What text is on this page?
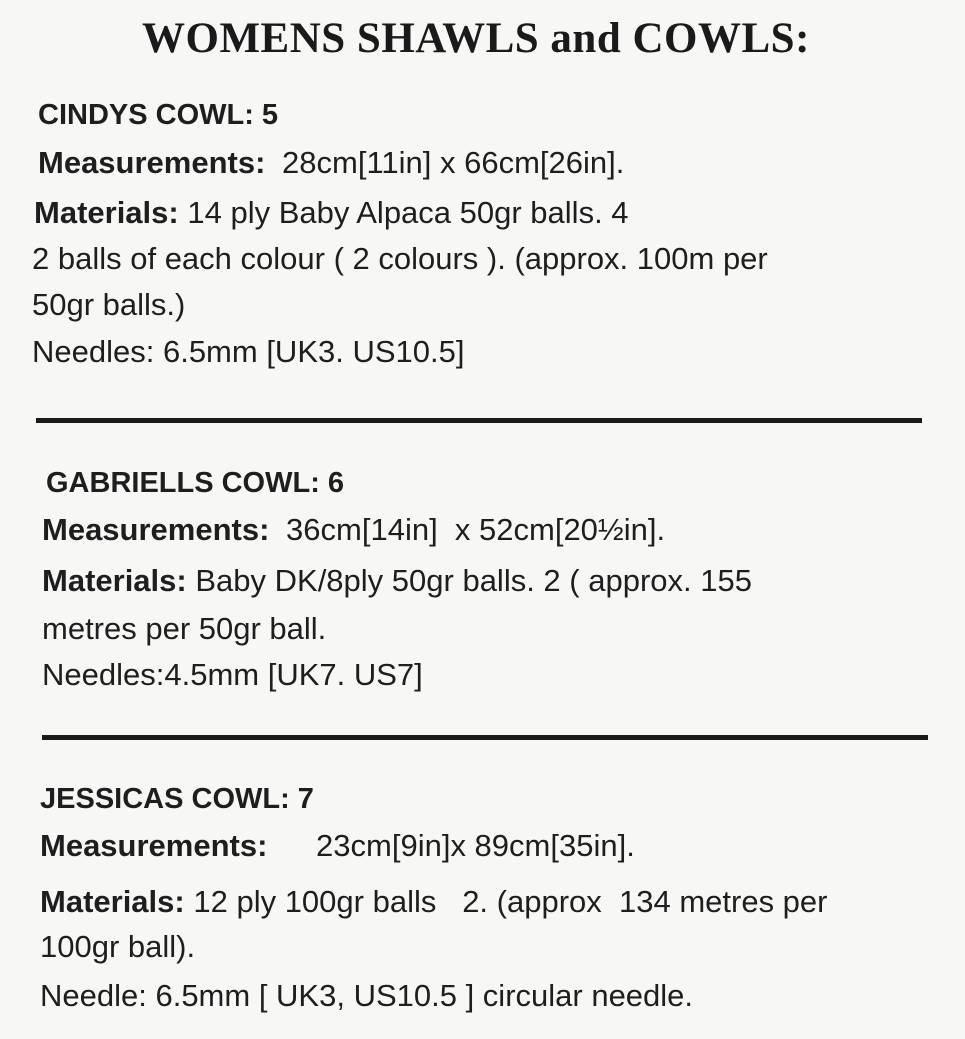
WOMENS SHAWLS and COWLS:
CINDYS COWL: 5
Measurements: 28cm[11in] x 66cm[26in].
Materials: 14 ply Baby Alpaca 50gr balls. 4
2 balls of each colour ( 2 colours ). (approx. 100m per
50gr balls.)
Needles: 6.5mm [UK3. US10.5]
GABRIELLS COWL: 6
Measurements: 36cm[14in]  x 52cm[20½in].
Materials: Baby DK/8ply 50gr balls. 2 ( approx. 155
metres per 50gr ball.
Needles:4.5mm [UK7. US7]
JESSICAS COWL: 7
Measurements: 23cm[9in]x 89cm[35in].
Materials: 12 ply 100gr balls   2. (approx  134 metres per
100gr ball).
Needle: 6.5mm [ UK3, US10.5 ] circular needle.
